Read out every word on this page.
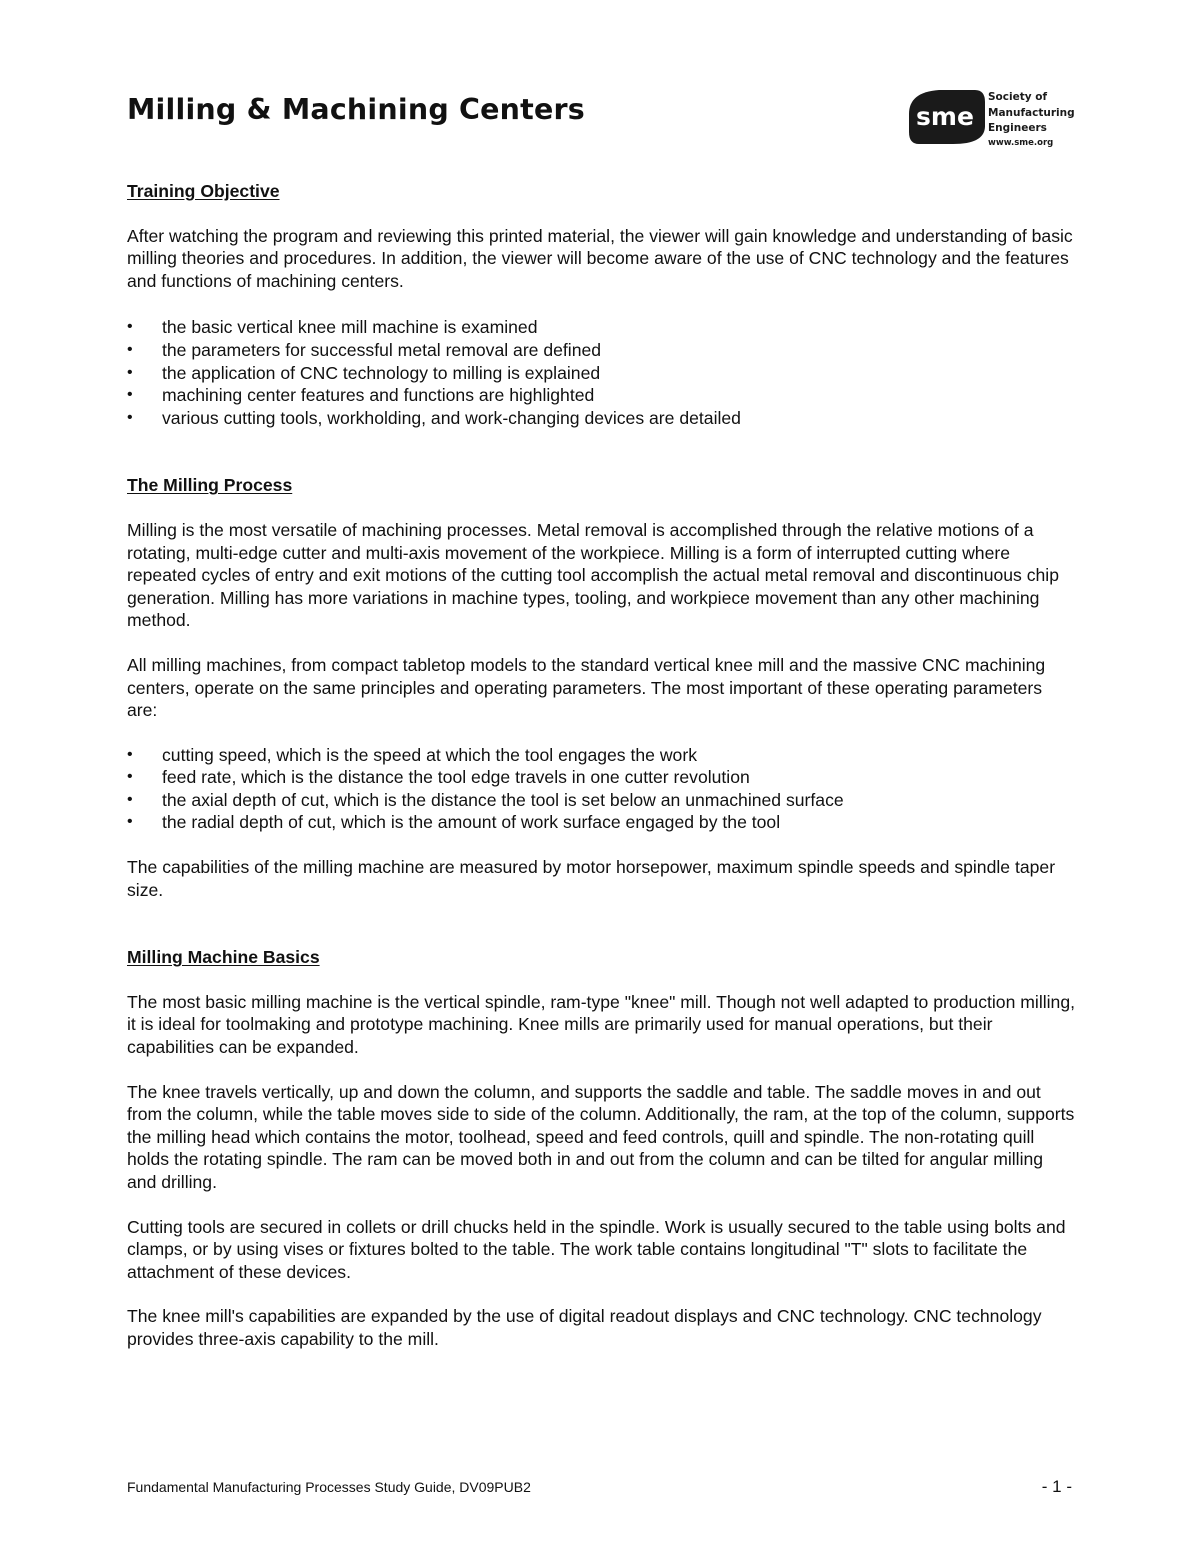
Milling & Machining Centers	sme

Society of
Manufacturing
Engineers
www.sme.org

Training Objective

After watching the program and reviewing this printed material, the viewer will gain knowledge and understanding of basic milling theories and procedures. In addition, the viewer will become aware of the use of CNC technology and the features and functions of machining centers.

•	the basic vertical knee mill machine is examined
•	the parameters for successful metal removal are defined
•	the application of CNC technology to milling is explained
•	machining center features and functions are highlighted
•	various cutting tools, workholding, and work-changing devices are detailed
The Milling Process

Milling is the most versatile of machining processes. Metal removal is accomplished through the relative motions of a rotating, multi-edge cutter and multi-axis movement of the workpiece. Milling is a form of interrupted cutting where repeated cycles of entry and exit motions of the cutting tool accomplish the actual metal removal and discontinuous chip generation. Milling has more variations in machine types, tooling, and workpiece movement than any other machining method.

All milling machines, from compact tabletop models to the standard vertical knee mill and the massive CNC machining centers, operate on the same principles and operating parameters. The most important of these operating parameters are:

•	cutting speed, which is the speed at which the tool engages the work
•	feed rate, which is the distance the tool edge travels in one cutter revolution
•	the axial depth of cut, which is the distance the tool is set below an unmachined surface
•	the radial depth of cut, which is the amount of work surface engaged by the tool

The capabilities of the milling machine are measured by motor horsepower, maximum spindle speeds and spindle taper size.

Milling Machine Basics

The most basic milling machine is the vertical spindle, ram-type "knee" mill. Though not well adapted to production milling, it is ideal for toolmaking and prototype machining. Knee mills are primarily used for manual operations, but their capabilities can be expanded.

The knee travels vertically, up and down the column, and supports the saddle and table. The saddle moves in and out from the column, while the table moves side to side of the column. Additionally, the ram, at the top of the column, supports the milling head which contains the motor, toolhead, speed and feed controls, quill and spindle. The non-rotating quill holds the rotating spindle. The ram can be moved both in and out from the column and can be tilted for angular milling and drilling.

Cutting tools are secured in collets or drill chucks held in the spindle. Work is usually secured to the table using bolts and clamps, or by using vises or fixtures bolted to the table. The work table contains longitudinal "T" slots to facilitate the attachment of these devices.

The knee mill's capabilities are expanded by the use of digital readout displays and CNC technology. CNC technology provides three-axis capability to the mill.

Fundamental Manufacturing Processes Study Guide, DV09PUB2	- 1 -
